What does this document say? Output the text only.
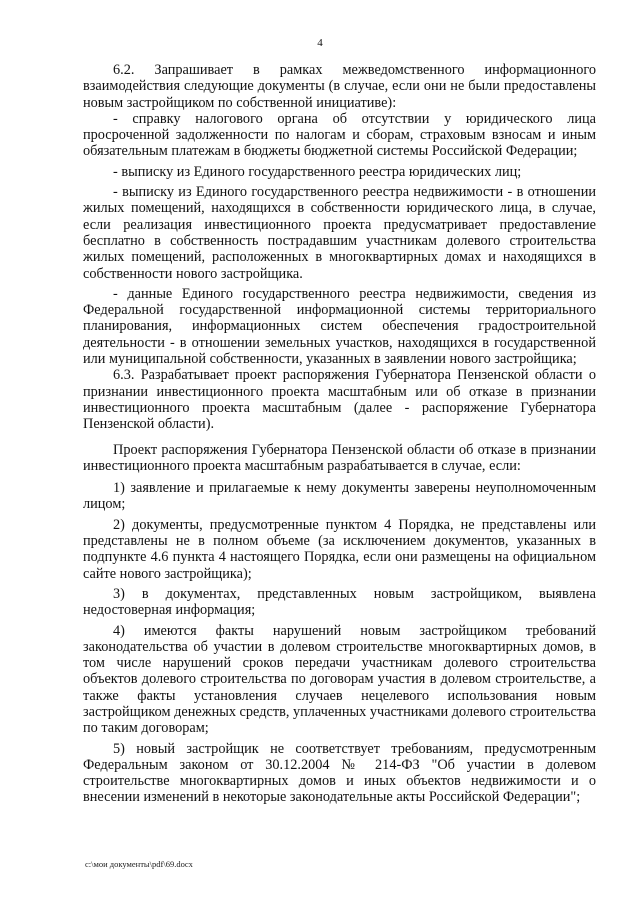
4

6.2. Запрашивает в рамках межведомственного информационного взаимодействия следующие документы (в случае, если они не были предоставлены новым застройщиком по собственной инициативе):

- справку налогового органа об отсутствии у юридического лица просроченной задолженности по налогам и сборам, страховым взносам и иным обязательным платежам в бюджеты бюджетной системы Российской Федерации;

- выписку из Единого государственного реестра юридических лиц;

- выписку из Единого государственного реестра недвижимости - в отношении жилых помещений, находящихся в собственности юридического лица, в случае, если реализация инвестиционного проекта предусматривает предоставление бесплатно в собственность пострадавшим участникам долевого строительства жилых помещений, расположенных в многоквартирных домах и находящихся в собственности нового застройщика.

- данные Единого государственного реестра недвижимости, сведения из Федеральной государственной информационной системы территориального планирования, информационных систем обеспечения градостроительной деятельности - в отношении земельных участков, находящихся в государственной или муниципальной собственности, указанных в заявлении нового застройщика;

6.3. Разрабатывает проект распоряжения Губернатора Пензенской области о признании инвестиционного проекта масштабным или об отказе в признании инвестиционного проекта масштабным (далее - распоряжение Губернатора Пензенской области).

Проект распоряжения Губернатора Пензенской области об отказе в признании инвестиционного проекта масштабным разрабатывается в случае, если:

1) заявление и прилагаемые к нему документы заверены неуполномоченным лицом;

2) документы, предусмотренные пунктом 4 Порядка, не представлены или представлены не в полном объеме (за исключением документов, указанных в подпункте 4.6 пункта 4 настоящего Порядка, если они размещены на официальном сайте нового застройщика);

3) в документах, представленных новым застройщиком, выявлена недостоверная информация;

4) имеются факты нарушений новым застройщиком требований законодательства об участии в долевом строительстве многоквартирных домов, в том числе нарушений сроков передачи участникам долевого строительства объектов долевого строительства по договорам участия в долевом строительстве, а также факты установления случаев нецелевого использования новым застройщиком денежных средств, уплаченных участниками долевого строительства по таким договорам;

5) новый застройщик не соответствует требованиям, предусмотренным Федеральным законом от 30.12.2004 № 214-ФЗ "Об участии в долевом строительстве многоквартирных домов и иных объектов недвижимости и о внесении изменений в некоторые законодательные акты Российской Федерации";

c:\мои документы\pdf\69.docx
